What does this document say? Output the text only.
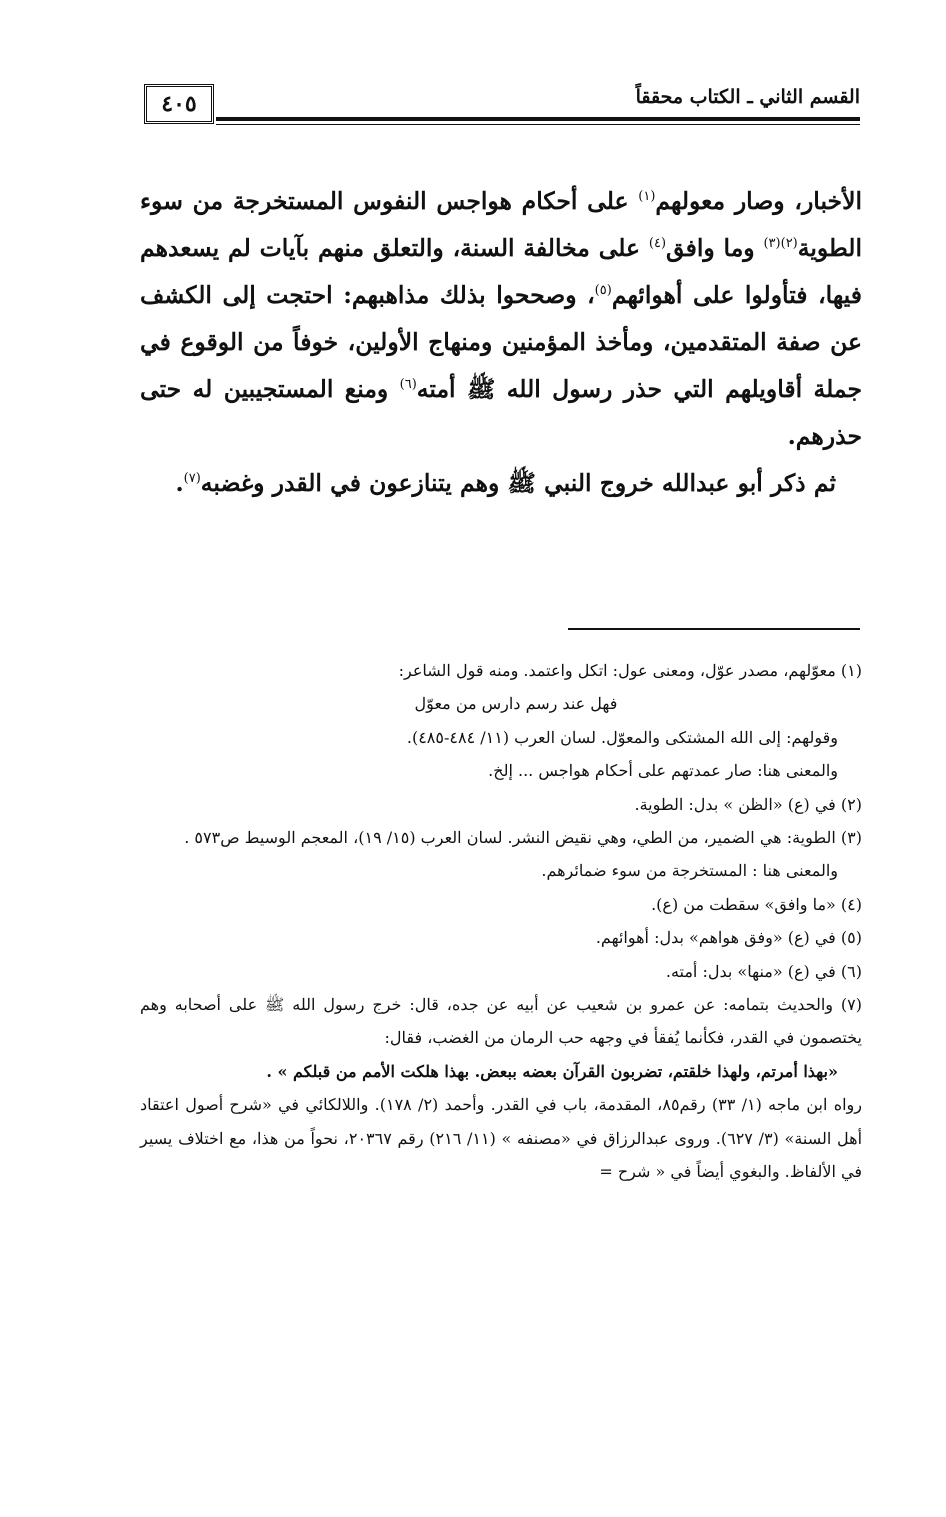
٤٠٥	القسم الثاني ـ الكتاب محققاً

الأخبار، وصار معولهم$^{(١)}$ على أحكام هواجس النفوس المستخرجة من سوء الطوية$^{(٢)(٣)}$ وما وافق$^{(٤)}$ على مخالفة السنة، والتعلق منهم بآيات لم يسعدهم فيها، فتأولوا على أهوائهم$^{(٥)}$، وصححوا بذلك مذاهبهم: احتجت إلى الكشف عن صفة المتقدمين، ومأخذ المؤمنين ومنهاج الأولين، خوفاً من الوقوع في جملة أقاويلهم التي حذر رسول الله ﷺ أمته$^{(٦)}$ ومنع المستجيبين له حتى حذرهم.

ثم ذكر أبو عبدالله خروج النبي ﷺ وهم يتنازعون في القدر وغضبه$^{(٧)}$.

(١) معوّلهم، مصدر عوّل، ومعنى عول: اتكل واعتمد. ومنه قول الشاعر:

فهل عند رسم دارس من معوّل

وقولهم: إلى الله المشتكى والمعوّل. لسان العرب (١١/ ٤٨٤-٤٨٥).

والمعنى هنا: صار عمدتهم على أحكام هواجس ... إلخ.

(٢) في (ع) «الظن » بدل: الطوية.

(٣) الطوية: هي الضمير، من الطي، وهي نقيض النشر. لسان العرب (١٥/ ١٩)، المعجم الوسيط ص٥٧٣ .

والمعنى هنا : المستخرجة من سوء ضمائرهم.

(٤) «ما وافق» سقطت من (ع).

(٥) في (ع) «وفق هواهم» بدل: أهوائهم.

(٦) في (ع) «منها» بدل: أمته.

(٧) والحديث بتمامه: عن عمرو بن شعيب عن أبيه عن جده، قال: خرج رسول الله ﷺ على أصحابه وهم يختصمون في القدر، فكأنما يُفقأ في وجهه حب الرمان من الغضب، فقال:

«بهذا أمرتم، ولهذا خلقتم، تضربون القرآن بعضه ببعض. بهذا هلكت الأمم من قبلكم » .

رواه ابن ماجه (١/ ٣٣) رقم٨٥، المقدمة، باب في القدر. وأحمد (٢/ ١٧٨). واللالكائي في «شرح أصول اعتقاد أهل السنة» (٣/ ٦٢٧). وروى عبدالرزاق في «مصنفه » (١١/ ٢١٦) رقم ٢٠٣٦٧، نحواً من هذا، مع اختلاف يسير في الألفاظ. والبغوي أيضاً في « شرح =
